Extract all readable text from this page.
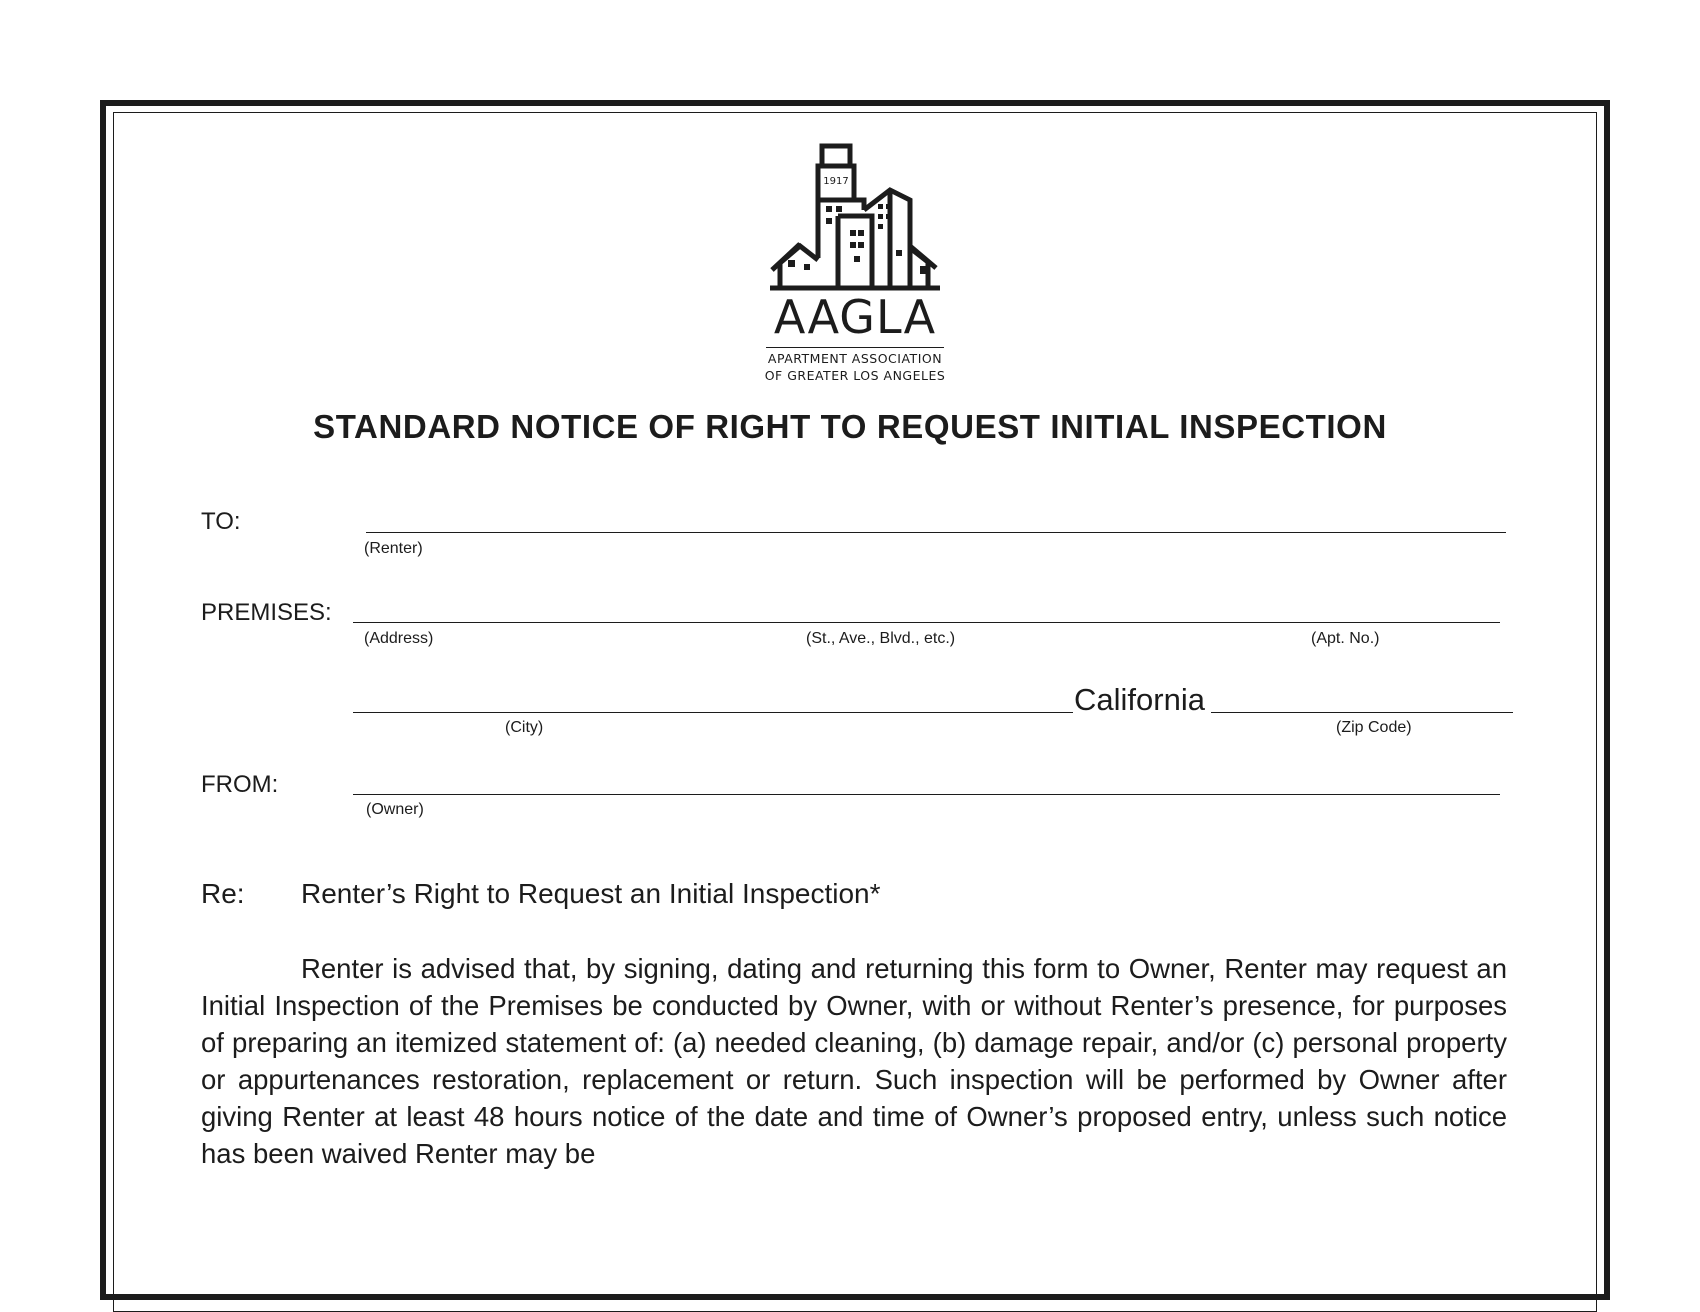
1917
AAGLA
APARTMENT ASSOCIATION
OF GREATER LOS ANGELES
STANDARD NOTICE OF RIGHT TO REQUEST INITIAL INSPECTION
TO:
(Renter)
PREMISES:
(Address)	(St., Ave., Blvd., etc.)	(Apt. No.)
(City)
California
(Zip Code)
FROM:
(Owner)
Re: Renter’s Right to Request an Initial Inspection*
Renter is advised that, by signing, dating and returning this form to Owner, Renter may request an Initial Inspection of the Premises be conducted by Owner, with or without Renter’s presence, for purposes of preparing an itemized statement of: (a) needed cleaning, (b) damage repair, and/or (c) personal property or appurtenances restoration, replacement or return. Such inspection will be performed by Owner after giving Renter at least 48 hours notice of the date and time of Owner’s proposed entry, unless such notice has been waived Renter may be
